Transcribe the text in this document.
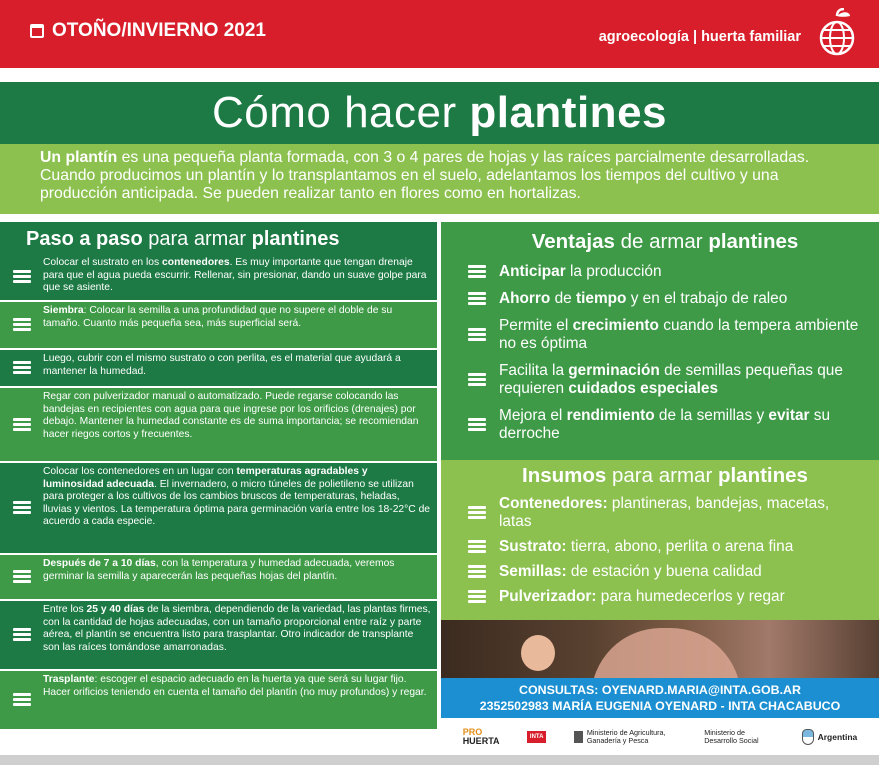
OTOÑO/INVIERNO 2021	agroecología | huerta familiar
Cómo hacer plantines
Un plantín es una pequeña planta formada, con 3 o 4 pares de hojas y las raíces parcialmente desarrolladas. Cuando producimos un plantín y lo transplantamos en el suelo, adelantamos los tiempos del cultivo y una producción anticipada. Se pueden realizar tanto en flores como en hortalizas.
Paso a paso para armar plantines
Colocar el sustrato en los contenedores. Es muy importante que tengan drenaje para que el agua pueda escurrir. Rellenar, sin presionar, dando un suave golpe para que se asiente.
Siembra: Colocar la semilla a una profundidad que no supere el doble de su tamaño. Cuanto más pequeña sea, más superficial será.
Luego, cubrir con el mismo sustrato o con perlita, es el material que ayudará a mantener la humedad.
Regar con pulverizador manual o automatizado. Puede regarse colocando las bandejas en recipientes con agua para que ingrese por los orificios (drenajes) por debajo. Mantener la humedad constante es de suma importancia; se recomiendan hacer riegos cortos y frecuentes.
Colocar los contenedores en un lugar con temperaturas agradables y luminosidad adecuada. El invernadero, o micro túneles de polietileno se utilizan para proteger a los cultivos de los cambios bruscos de temperaturas, heladas, lluvias y vientos. La temperatura óptima para germinación varía entre los 18-22°C de acuerdo a cada especie.
Después de 7 a 10 días, con la temperatura y humedad adecuada, veremos germinar la semilla y aparecerán las pequeñas hojas del plantín.
Entre los 25 y 40 días de la siembra, dependiendo de la variedad, las plantas firmes, con la cantidad de hojas adecuadas, con un tamaño proporcional entre raíz y parte aérea, el plantín se encuentra listo para trasplantar. Otro indicador de transplante son las raíces tomándose amarronadas.
Trasplante: escoger el espacio adecuado en la huerta ya que será su lugar fijo. Hacer orificios teniendo en cuenta el tamaño del plantín (no muy profundos) y regar.
Ventajas de armar plantines
Anticipar la producción
Ahorro de tiempo y en el trabajo de raleo
Permite el crecimiento cuando la tempera ambiente no es óptima
Facilita la germinación de semillas pequeñas que requieren cuidados especiales
Mejora el rendimiento de la semillas y evitar su derroche
Insumos para armar plantines
Contenedores: plantineras, bandejas, macetas, latas
Sustrato: tierra, abono, perlita o arena fina
Semillas: de estación y buena calidad
Pulverizador: para humedecerlos y regar
CONSULTAS: OYENARD.MARIA@INTA.GOB.AR
2352502983 MARÍA EUGENIA OYENARD - INTA CHACABUCO
PRO
HUERTA	INTA	Ministerio de Agricultura, Ganadería y Pesca
Ministerio de Desarrollo Social	Argentina
